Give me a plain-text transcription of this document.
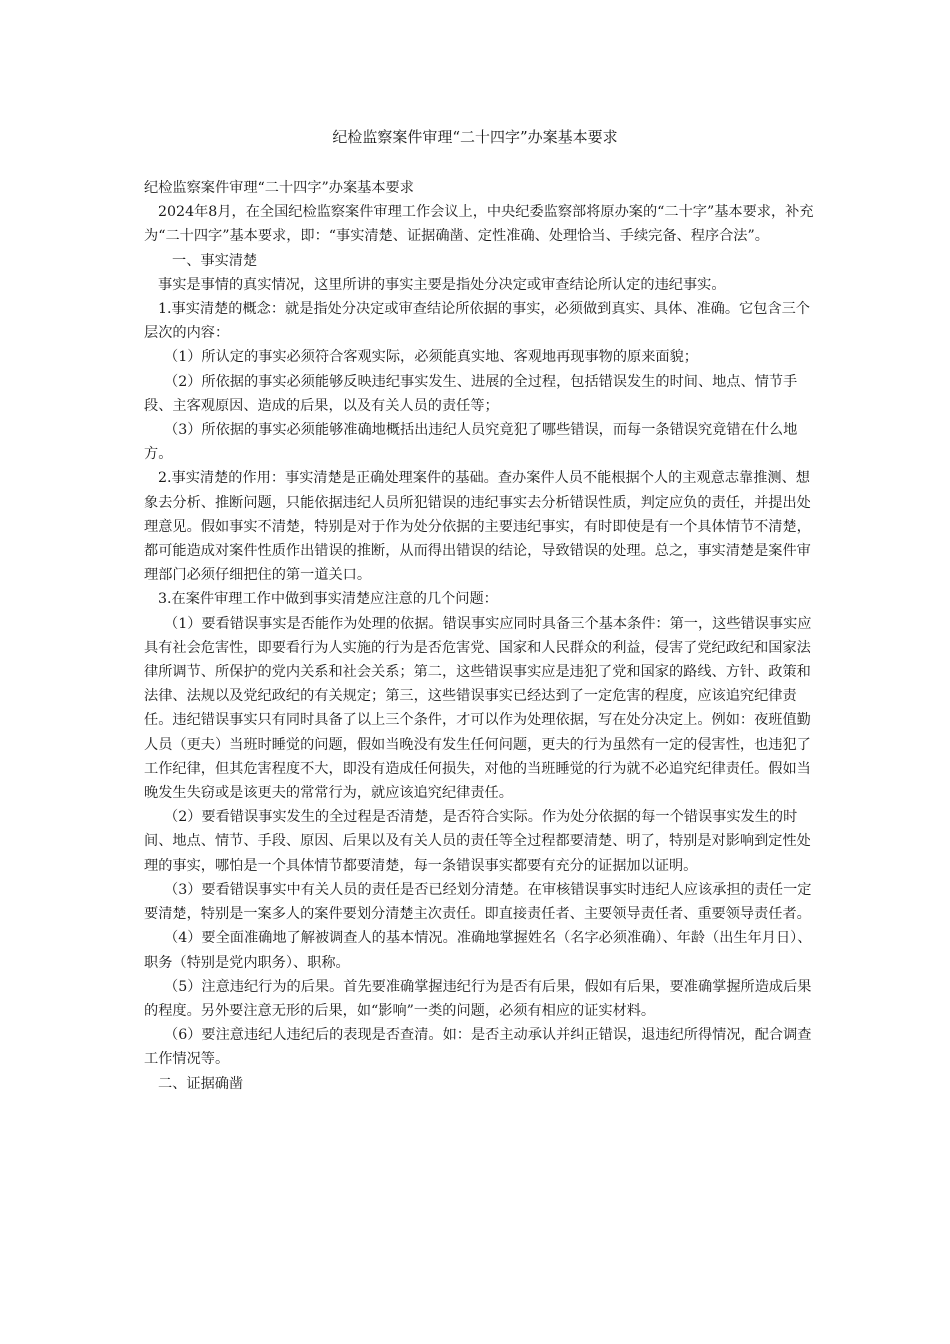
纪检监察案件审理“二十四字”办案基本要求

纪检监察案件审理“二十四字”办案基本要求

2024年8月，在全国纪检监察案件审理工作会议上，中央纪委监察部将原办案的“二十字”基本要求，补充为“二十四字”基本要求，即：“事实清楚、证据确凿、定性准确、处理恰当、手续完备、程序合法”。

一、事实清楚

事实是事情的真实情况，这里所讲的事实主要是指处分决定或审查结论所认定的违纪事实。

1.事实清楚的概念：就是指处分决定或审查结论所依据的事实，必须做到真实、具体、准确。它包含三个层次的内容：

（1）所认定的事实必须符合客观实际，必须能真实地、客观地再现事物的原来面貌；

（2）所依据的事实必须能够反映违纪事实发生、进展的全过程，包括错误发生的时间、地点、情节手段、主客观原因、造成的后果，以及有关人员的责任等；

（3）所依据的事实必须能够准确地概括出违纪人员究竟犯了哪些错误，而每一条错误究竟错在什么地方。

2.事实清楚的作用：事实清楚是正确处理案件的基础。查办案件人员不能根据个人的主观意志靠推测、想象去分析、推断问题，只能依据违纪人员所犯错误的违纪事实去分析错误性质，判定应负的责任，并提出处理意见。假如事实不清楚，特别是对于作为处分依据的主要违纪事实，有时即使是有一个具体情节不清楚，都可能造成对案件性质作出错误的推断，从而得出错误的结论，导致错误的处理。总之，事实清楚是案件审理部门必须仔细把住的第一道关口。

3.在案件审理工作中做到事实清楚应注意的几个问题：

（1）要看错误事实是否能作为处理的依据。错误事实应同时具备三个基本条件：第一，这些错误事实应具有社会危害性，即要看行为人实施的行为是否危害党、国家和人民群众的利益，侵害了党纪政纪和国家法律所调节、所保护的党内关系和社会关系；第二，这些错误事实应是违犯了党和国家的路线、方针、政策和法律、法规以及党纪政纪的有关规定；第三，这些错误事实已经达到了一定危害的程度，应该追究纪律责任。违纪错误事实只有同时具备了以上三个条件，才可以作为处理依据，写在处分决定上。例如：夜班值勤人员（更夫）当班时睡觉的问题，假如当晚没有发生任何问题，更夫的行为虽然有一定的侵害性，也违犯了工作纪律，但其危害程度不大，即没有造成任何损失，对他的当班睡觉的行为就不必追究纪律责任。假如当晚发生失窃或是该更夫的常常行为，就应该追究纪律责任。

（2）要看错误事实发生的全过程是否清楚，是否符合实际。作为处分依据的每一个错误事实发生的时间、地点、情节、手段、原因、后果以及有关人员的责任等全过程都要清楚、明了，特别是对影响到定性处理的事实，哪怕是一个具体情节都要清楚，每一条错误事实都要有充分的证据加以证明。

（3）要看错误事实中有关人员的责任是否已经划分清楚。在审核错误事实时违纪人应该承担的责任一定要清楚，特别是一案多人的案件要划分清楚主次责任。即直接责任者、主要领导责任者、重要领导责任者。

（4）要全面准确地了解被调查人的基本情况。准确地掌握姓名（名字必须准确）、年龄（出生年月日）、职务（特别是党内职务）、职称。

（5）注意违纪行为的后果。首先要准确掌握违纪行为是否有后果，假如有后果，要准确掌握所造成后果的程度。另外要注意无形的后果，如“影响”一类的问题，必须有相应的证实材料。

（6）要注意违纪人违纪后的表现是否查清。如：是否主动承认并纠正错误，退违纪所得情况，配合调查工作情况等。

二、证据确凿
